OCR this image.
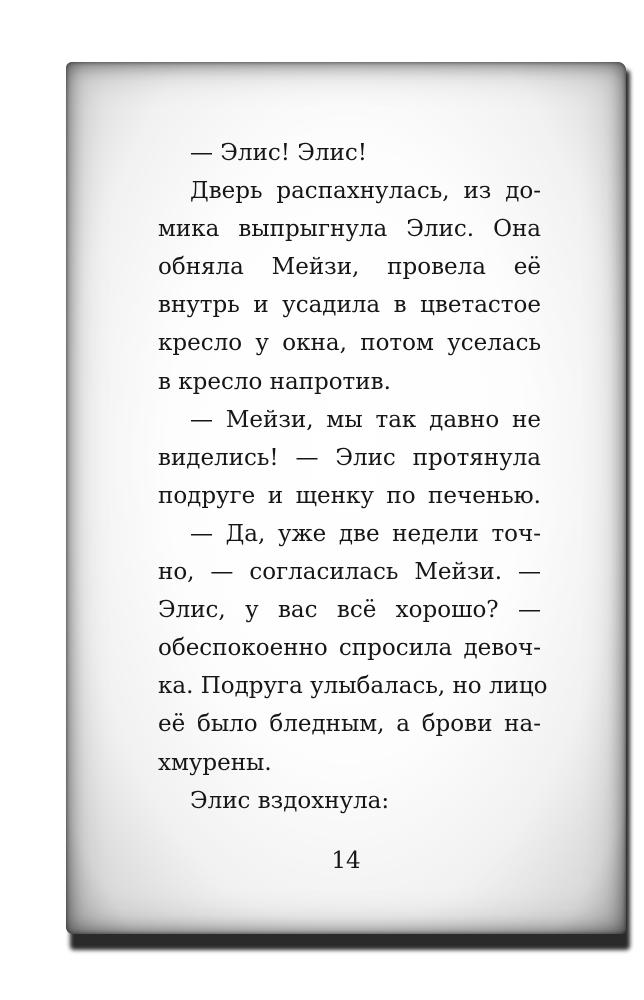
— Элис! Элис!
Дверь распахнулась, из до-
мика выпрыгнула Элис. Она
обняла Мейзи, провела её
внутрь и усадила в цветастое
кресло у окна, потом уселась
в кресло напротив.
— Мейзи, мы так давно не
виделись! — Элис протянула
подруге и щенку по печенью.
— Да, уже две недели точ-
но, — согласилась Мейзи. —
Элис, у вас всё хорошо? —
обеспокоенно спросила девоч-
ка. Подруга улыбалась, но лицо
её было бледным, а брови на-
хмурены.
Элис вздохнула:
14
